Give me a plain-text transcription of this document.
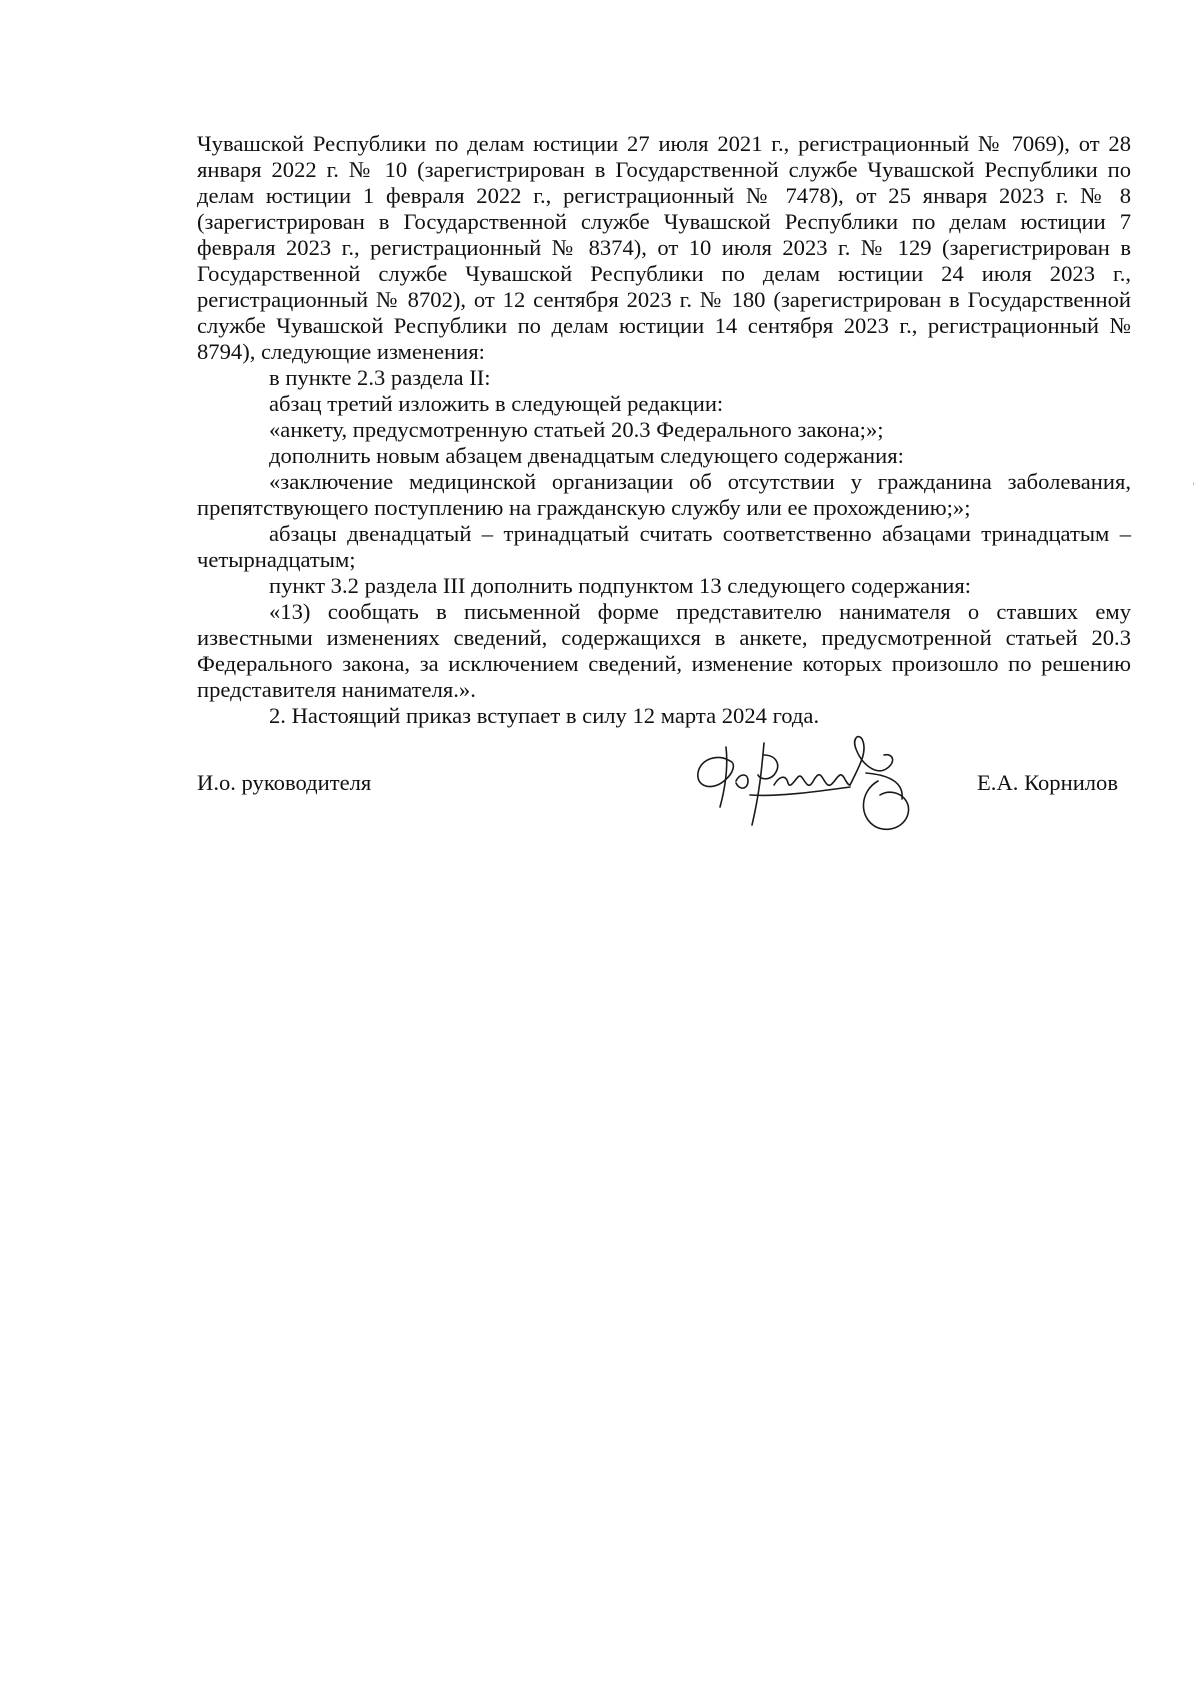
Чувашской Республики по делам юстиции 27 июля 2021 г., регистрационный № 7069), от 28 января 2022 г. № 10 (зарегистрирован в Государственной службе Чувашской Республики по делам юстиции 1 февраля 2022 г., регистрационный № 7478), от 25 января 2023 г. № 8 (зарегистрирован в Государственной службе Чувашской Республики по делам юстиции 7 февраля 2023 г., регистрационный № 8374), от 10 июля 2023 г. № 129 (зарегистрирован в Государственной службе Чувашской Республики по делам юстиции 24 июля 2023 г., регистрационный № 8702), от 12 сентября 2023 г. № 180 (зарегистрирован в Государственной службе Чувашской Республики по делам юстиции 14 сентября 2023 г., регистрационный № 8794), следующие изменения:

в пункте 2.3 раздела II:

абзац третий изложить в следующей редакции:

«анкету, предусмотренную статьей 20.3 Федерального закона;»;

дополнить новым абзацем двенадцатым следующего содержания:

«заключение медицинской организации об отсутствии у гражданина заболевания, препятствующего поступлению на гражданскую службу или ее прохождению;»;

абзацы двенадцатый – тринадцатый считать соответственно абзацами тринадцатым – четырнадцатым;

пункт 3.2 раздела III дополнить подпунктом 13 следующего содержания:

«13) сообщать в письменной форме представителю нанимателя о ставших ему известными изменениях сведений, содержащихся в анкете, предусмотренной статьей 20.3 Федерального закона, за исключением сведений, изменение которых произошло по решению представителя нанимателя.».

2. Настоящий приказ вступает в силу 12 марта 2024 года.

И.о. руководителя	Е.А. Корнилов
